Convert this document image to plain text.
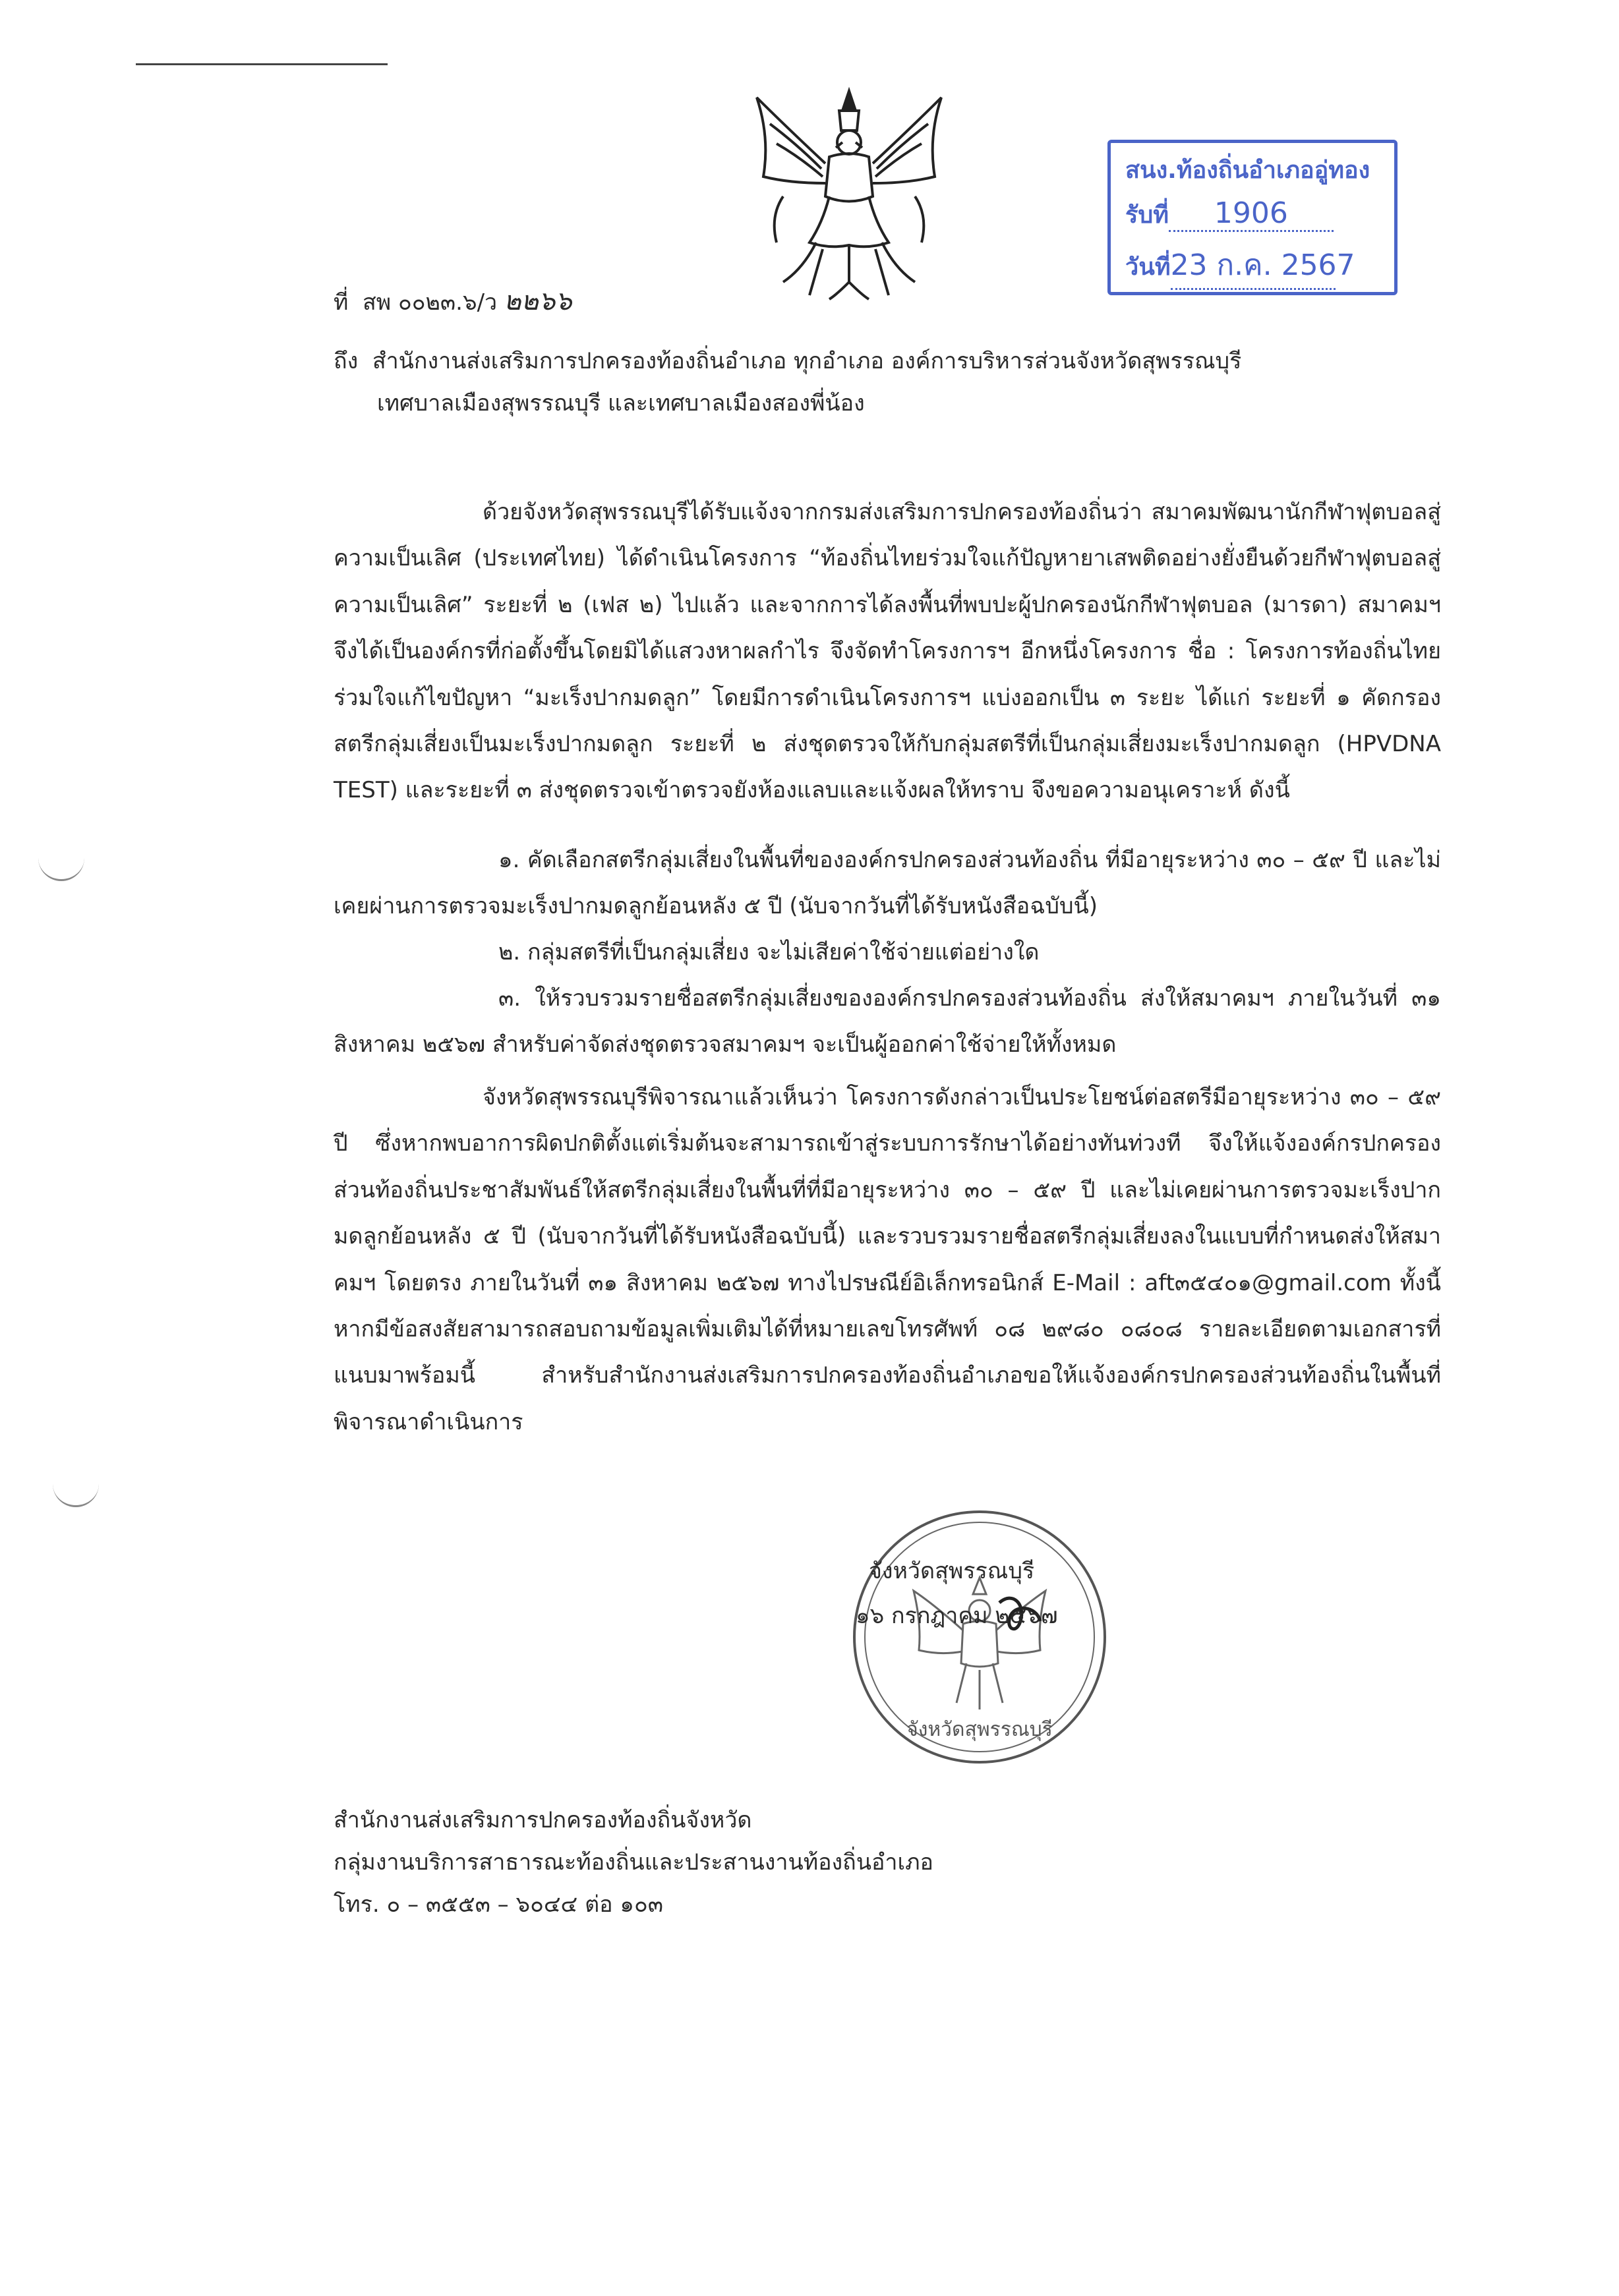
สนง.ท้องถิ่นอำเภออู่ทอง
รับที่ 1906
วันที่23 ก.ค. 2567
ที่ สพ ๐๐๒๓.๖/ว ๒๒๖๖
ถึง สำนักงานส่งเสริมการปกครองท้องถิ่นอำเภอ ทุกอำเภอ องค์การบริหารส่วนจังหวัดสุพรรณบุรี
เทศบาลเมืองสุพรรณบุรี และเทศบาลเมืองสองพี่น้อง
ด้วยจังหวัดสุพรรณบุรีได้รับแจ้งจากกรมส่งเสริมการปกครองท้องถิ่นว่า สมาคมพัฒนานักกีฬาฟุตบอลสู่ความเป็นเลิศ (ประเทศไทย) ได้ดำเนินโครงการ “ท้องถิ่นไทยร่วมใจแก้ปัญหายาเสพติดอย่างยั่งยืนด้วยกีฬาฟุตบอลสู่ความเป็นเลิศ” ระยะที่ ๒ (เฟส ๒) ไปแล้ว และจากการได้ลงพื้นที่พบปะผู้ปกครองนักกีฬาฟุตบอล (มารดา) สมาคมฯ จึงได้เป็นองค์กรที่ก่อตั้งขึ้นโดยมิได้แสวงหาผลกำไร จึงจัดทำโครงการฯ อีกหนึ่งโครงการ ชื่อ : โครงการท้องถิ่นไทยร่วมใจแก้ไขปัญหา “มะเร็งปากมดลูก” โดยมีการดำเนินโครงการฯ แบ่งออกเป็น ๓ ระยะ ได้แก่ ระยะที่ ๑ คัดกรองสตรีกลุ่มเสี่ยงเป็นมะเร็งปากมดลูก ระยะที่ ๒ ส่งชุดตรวจให้กับกลุ่มสตรีที่เป็นกลุ่มเสี่ยงมะเร็งปากมดลูก (HPVDNA TEST) และระยะที่ ๓ ส่งชุดตรวจเข้าตรวจยังห้องแลบและแจ้งผลให้ทราบ จึงขอความอนุเคราะห์ ดังนี้
๑. คัดเลือกสตรีกลุ่มเสี่ยงในพื้นที่ขององค์กรปกครองส่วนท้องถิ่น ที่มีอายุระหว่าง ๓๐ – ๕๙ ปี และไม่เคยผ่านการตรวจมะเร็งปากมดลูกย้อนหลัง ๕ ปี (นับจากวันที่ได้รับหนังสือฉบับนี้)
๒. กลุ่มสตรีที่เป็นกลุ่มเสี่ยง จะไม่เสียค่าใช้จ่ายแต่อย่างใด
๓. ให้รวบรวมรายชื่อสตรีกลุ่มเสี่ยงขององค์กรปกครองส่วนท้องถิ่น ส่งให้สมาคมฯ ภายในวันที่ ๓๑ สิงหาคม ๒๕๖๗ สำหรับค่าจัดส่งชุดตรวจสมาคมฯ จะเป็นผู้ออกค่าใช้จ่ายให้ทั้งหมด
จังหวัดสุพรรณบุรีพิจารณาแล้วเห็นว่า โครงการดังกล่าวเป็นประโยชน์ต่อสตรีมีอายุระหว่าง ๓๐ – ๕๙ ปี ซึ่งหากพบอาการผิดปกติตั้งแต่เริ่มต้นจะสามารถเข้าสู่ระบบการรักษาได้อย่างทันท่วงที จึงให้แจ้งองค์กรปกครองส่วนท้องถิ่นประชาสัมพันธ์ให้สตรีกลุ่มเสี่ยงในพื้นที่ที่มีอายุระหว่าง ๓๐ – ๕๙ ปี และไม่เคยผ่านการตรวจมะเร็งปากมดลูกย้อนหลัง ๕ ปี (นับจากวันที่ได้รับหนังสือฉบับนี้) และรวบรวมรายชื่อสตรีกลุ่มเสี่ยงลงในแบบที่กำหนดส่งให้สมาคมฯ โดยตรง ภายในวันที่ ๓๑ สิงหาคม ๒๕๖๗ ทางไปรษณีย์อิเล็กทรอนิกส์ E-Mail : aft๓๕๔๐๑@gmail.com ทั้งนี้ หากมีข้อสงสัยสามารถสอบถามข้อมูลเพิ่มเติมได้ที่หมายเลขโทรศัพท์ ๐๘ ๒๙๘๐ ๐๘๐๘ รายละเอียดตามเอกสารที่แนบมาพร้อมนี้ สำหรับสำนักงานส่งเสริมการปกครองท้องถิ่นอำเภอขอให้แจ้งองค์กรปกครองส่วนท้องถิ่นในพื้นที่พิจารณาดำเนินการ
จังหวัดสุพรรณบุรี
จังหวัดสุพรรณบุรี
๑๖ กรกฎาคม ๒๕๖๗
สำนักงานส่งเสริมการปกครองท้องถิ่นจังหวัด
กลุ่มงานบริการสาธารณะท้องถิ่นและประสานงานท้องถิ่นอำเภอ
โทร. ๐ – ๓๕๕๓ – ๖๐๔๔ ต่อ ๑๐๓
